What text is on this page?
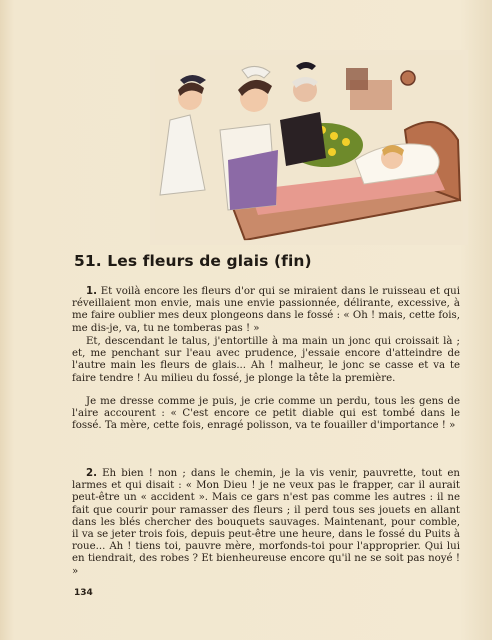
51. Les fleurs de glais (fin)

1. Et voilà encore les fleurs d'or qui se miraient dans le ruisseau et qui réveillaient mon envie, mais une envie passionnée, délirante, excessive, à me faire oublier mes deux plongeons dans le fossé : « Oh ! mais, cette fois, me dis-je, va, tu ne tomberas pas ! »

Et, descendant le talus, j'entortille à ma main un jonc qui croissait là ; et, me penchant sur l'eau avec prudence, j'essaie encore d'atteindre de l'autre main les fleurs de glais... Ah ! malheur, le jonc se casse et va te faire tendre ! Au milieu du fossé, je plonge la tête la première.

Je me dresse comme je puis, je crie comme un perdu, tous les gens de l'aire accourent : « C'est encore ce petit diable qui est tombé dans le fossé. Ta mère, cette fois, enragé polisson, va te fouailler d'importance ! »

2. Eh bien ! non ; dans le chemin, je la vis venir, pauvrette, tout en larmes et qui disait : « Mon Dieu ! je ne veux pas le frapper, car il aurait peut-être un « accident ». Mais ce gars n'est pas comme les autres : il ne fait que courir pour ramasser des fleurs ; il perd tous ses jouets en allant dans les blés chercher des bouquets sauvages. Maintenant, pour comble, il va se jeter trois fois, depuis peut-être une heure, dans le fossé du Puits à roue... Ah ! tiens toi, pauvre mère, morfonds-toi pour l'approprier. Qui lui en tiendrait, des robes ? Et bienheureuse encore qu'il ne se soit pas noyé ! »

134
